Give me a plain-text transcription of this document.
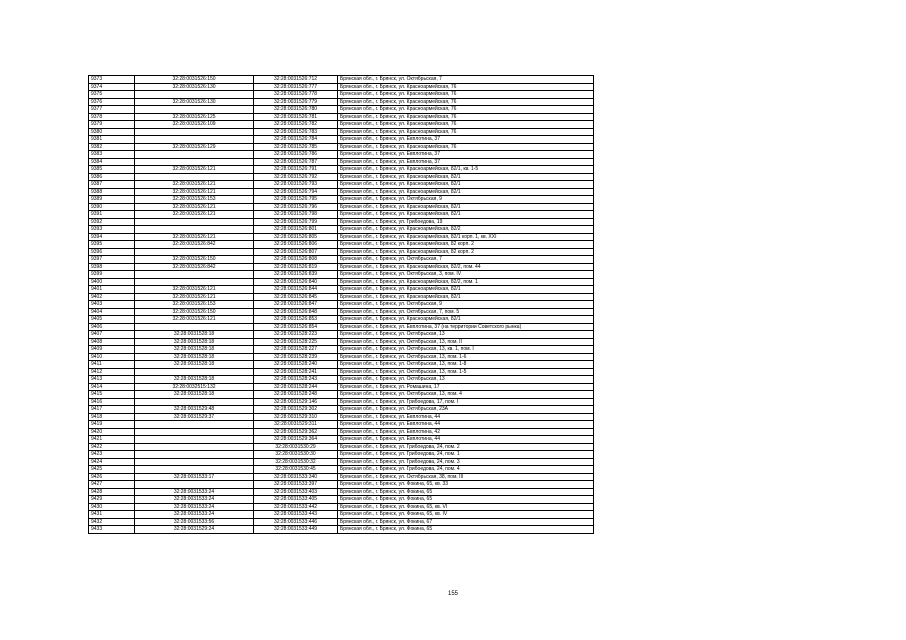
9373	32:28:0031526:150	32:28:0031526:712	Брянская обл., г. Брянск, ул. Октябрьская, 7
9374	32:28:0031526:130	32:28:0031526:777	Брянская обл., г. Брянск, ул. Красноармейская, 76
9375		32:28:0031526:778	Брянская обл., г. Брянск, ул. Красноармейская, 76
9376	32:28:0031526:130	32:28:0031526:779	Брянская обл., г. Брянск, ул. Красноармейская, 76
9377		32:28:0031526:780	Брянская обл., г. Брянск, ул. Красноармейская, 76
9378	32:28:0031526:125	32:28:0031526:781	Брянская обл., г. Брянск, ул. Красноармейская, 76
9379	32:28:0031526:109	32:28:0031526:782	Брянская обл., г. Брянск, ул. Красноармейская, 76
9380		32:28:0031526:783	Брянская обл., г. Брянск, ул. Красноармейская, 76
9381		32:28:0031526:784	Брянская обл., г. Брянск, ул. Евплотина, 37
9382	32:28:0031526:129	32:28:0031526:785	Брянская обл., г. Брянск, ул. Красноармейская, 76
9383		32:28:0031526:786	Брянская обл., г. Брянск, ул. Евплотина, 37
9384		32:28:0031526:787	Брянская обл., г. Брянск, ул. Евплотина, 37
9385	32:28:0031526:121	32:28:0031526:791	Брянская обл., г. Брянск, ул. Красноармейская, 82/1, кв. 1-5
9386		32:28:0031526:792	Брянская обл., г. Брянск, ул. Красноармейская, 82/1
9387	32:28:0031526:121	32:28:0031526:793	Брянская обл., г. Брянск, ул. Красноармейская, 82/1
9388	32:28:0031526:121	32:28:0031526:794	Брянская обл., г. Брянск, ул. Красноармейская, 82/1
9389	32:28:0031526:153	32:28:0031526:795	Брянская обл., г. Брянск, ул. Октябрьская, 9
9390	32:28:0031526:121	32:28:0031526:796	Брянская обл., г. Брянск, ул. Красноармейская, 82/1
9391	32:28:0031526:121	32:28:0031526:798	Брянская обл., г. Брянск, ул. Красноармейская, 82/1
9392		32:28:0031526:799	Брянская обл., г. Брянск, ул. Грибоедова, 19
9393		32:28:0031526:801	Брянская обл., г. Брянск, ул. Красноармейская, 82/2
9394	32:28:0031526:121	32:28:0031526:805	Брянская обл., г. Брянск, ул. Красноармейская, 82/1 корп. 1, кв. XXI
9395	32:28:0031526:842	32:28:0031526:806	Брянская обл., г. Брянск, ул. Красноармейская, 82 корп. 2
9396		32:28:0031526:807	Брянская обл., г. Брянск, ул. Красноармейская, 82 корп. 2
9397	32:28:0031526:150	32:28:0031526:808	Брянская обл., г. Брянск, ул. Октябрьская, 7
9398	32:28:0031526:842	32:28:0031526:819	Брянская обл., г. Брянск, ул. Красноармейская, 82/2, пом. 44
9399		32:28:0031526:839	Брянская обл., г. Брянск, ул. Октябрьская, 3, пом. IV
9400		32:28:0031526:840	Брянская обл., г. Брянск, ул. Красноармейская, 82/2, пом. 1
9401	32:28:0031526:121	32:28:0031526:844	Брянская обл., г. Брянск, ул. Красноармейская, 82/1
9402	32:28:0031526:121	32:28:0031526:845	Брянская обл., г. Брянск, ул. Красноармейская, 82/1
9403	32:28:0031526:153	32:28:0031526:847	Брянская обл., г. Брянск, ул. Октябрьская, 9
9404	32:28:0031526:150	32:28:0031526:848	Брянская обл., г. Брянск, ул. Октябрьская, 7, пом. 5
9405	32:28:0031526:121	32:28:0031526:853	Брянская обл., г. Брянск, ул. Красноармейская, 82/1
9406		32:28:0031526:854	Брянская обл., г. Брянск, ул. Евплотина, 37 (на территории Советского рынка)
9407	32:28:0031528:18	32:28:0031528:223	Брянская обл., г. Брянск, ул. Октябрьская, 13
9408	32:28:0031528:18	32:28:0031528:225	Брянская обл., г. Брянск, ул. Октябрьская, 13, пом. II
9409	32:28:0031528:18	32:28:0031528:227	Брянская обл., г. Брянск, ул. Октябрьская, 13, кв. 1, пом. I
9410	32:28:0031528:18	32:28:0031528:239	Брянская обл., г. Брянск, ул. Октябрьская, 13, пом. 1-6
9411	32:28:0031528:18	32:28:0031528:240	Брянская обл., г. Брянск, ул. Октябрьская, 13, пом. 1-8
9412		32:28:0031528:241	Брянская обл., г. Брянск, ул. Октябрьская, 13, пом. 1-5
9413	32:28:0031528:18	32:28:0031528:243	Брянская обл., г. Брянск, ул. Октябрьская, 13
9414	32:28:0032515:132	32:28:0031528:244	Брянская обл., г. Брянск, ул. Ромашина, 17
9415	32:28:0031528:18	32:28:0031528:248	Брянская обл., г. Брянск, ул. Октябрьская, 13, пом. 4
9416		32:28:0031529:146	Брянская обл., г. Брянск, ул. Грибоедова, 17, пом. I
9417	32:28:0031529:48	32:28:0031529:302	Брянская обл., г. Брянск, ул. Октябрьская, 23А
9418	32:28:0031529:37	32:28:0031529:310	Брянская обл., г. Брянск, ул. Евплотина, 44
9419		32:28:0031529:311	Брянская обл., г. Брянск, ул. Евплотина, 44
9420		32:28:0031529:362	Брянская обл., г. Брянск, ул. Евплотина, 42
9421		32:28:0031529:364	Брянская обл., г. Брянск, ул. Евплотина, 44
9422		32:28:0031530:29	Брянская обл., г. Брянск, ул. Грибоедова, 24, пом. 2
9423		32:28:0031530:30	Брянская обл., г. Брянск, ул. Грибоедова, 24, пом. 1
9424		32:28:0031530:32	Брянская обл., г. Брянск, ул. Грибоедова, 24, пом. 3
9425		32:28:0031530:45	Брянская обл., г. Брянск, ул. Грибоедова, 24, пом. 4
9426	32:28:0031533:17	32:28:0031533:340	Брянская обл., г. Брянск, ул. Октябрьская, 38, пом. III
9427		32:28:0031533:397	Брянская обл., г. Брянск, ул. Фокина, 65, кв. 33
9428	32:28:0031533:24	32:28:0031533:403	Брянская обл., г. Брянск, ул. Фокина, 65
9429	32:28:0031533:24	32:28:0031533:405	Брянская обл., г. Брянск, ул. Фокина, 65
9430	32:28:0031533:24	32:28:0031533:442	Брянская обл., г. Брянск, ул. Фокина, 65, кв. VI
9431	32:28:0031533:24	32:28:0031533:443	Брянская обл., г. Брянск, ул. Фокина, 65, кв. IV
9432	32:28:0031533:56	32:28:0031533:446	Брянская обл., г. Брянск, ул. Фокина, 67
9433	32:28:0031529:24	32:28:0031533:449	Брянская обл., г. Брянск, ул. Фокина, 65
155
